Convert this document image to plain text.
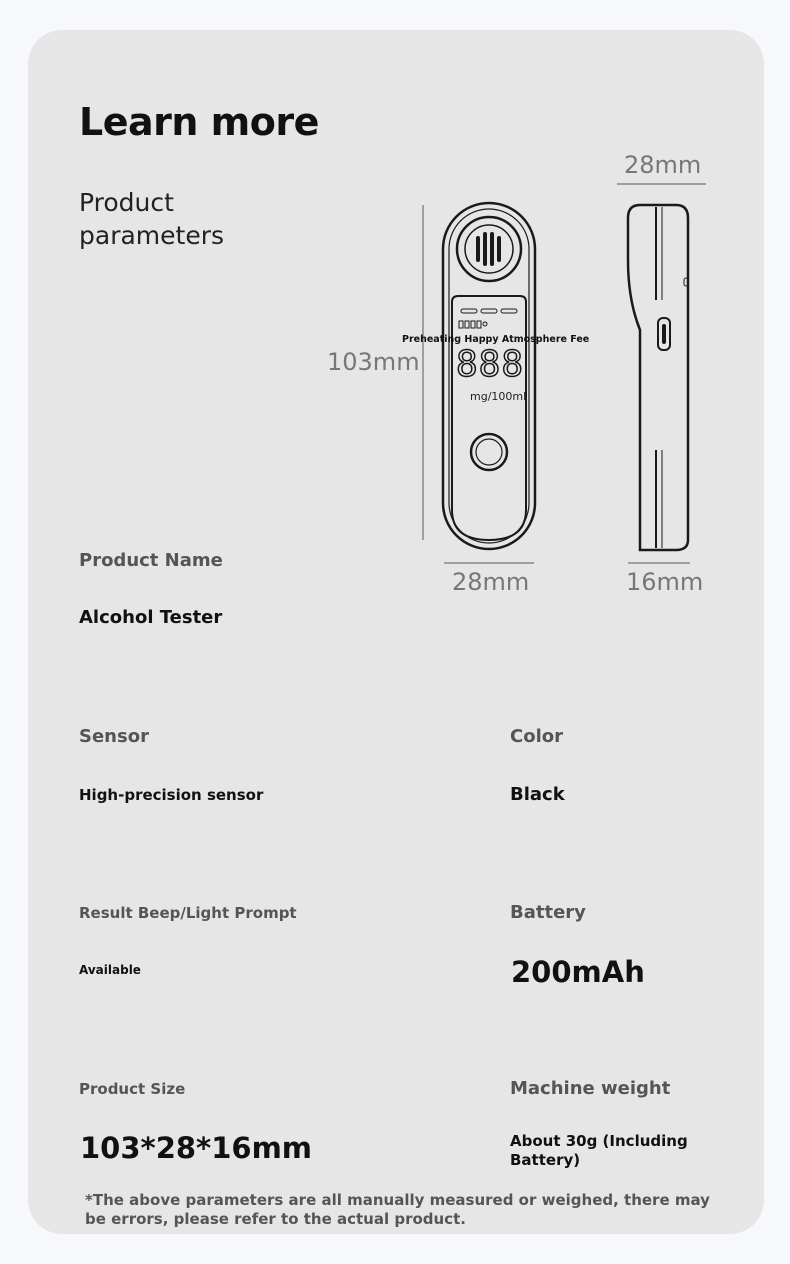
Learn more
Product
parameters
Preheating Happy Atmosphere Fee
888
mg/100ml
103mm
28mm
28mm
16mm
Product Name
Alcohol Tester
Sensor
High-precision sensor
Color
Black
Result Beep/Light Prompt
Available
Battery
200mAh
Product Size
103*28*16mm
Machine weight
About 30g (Including Battery)
*The above parameters are all manually measured or weighed, there may be errors, please refer to the actual product.
